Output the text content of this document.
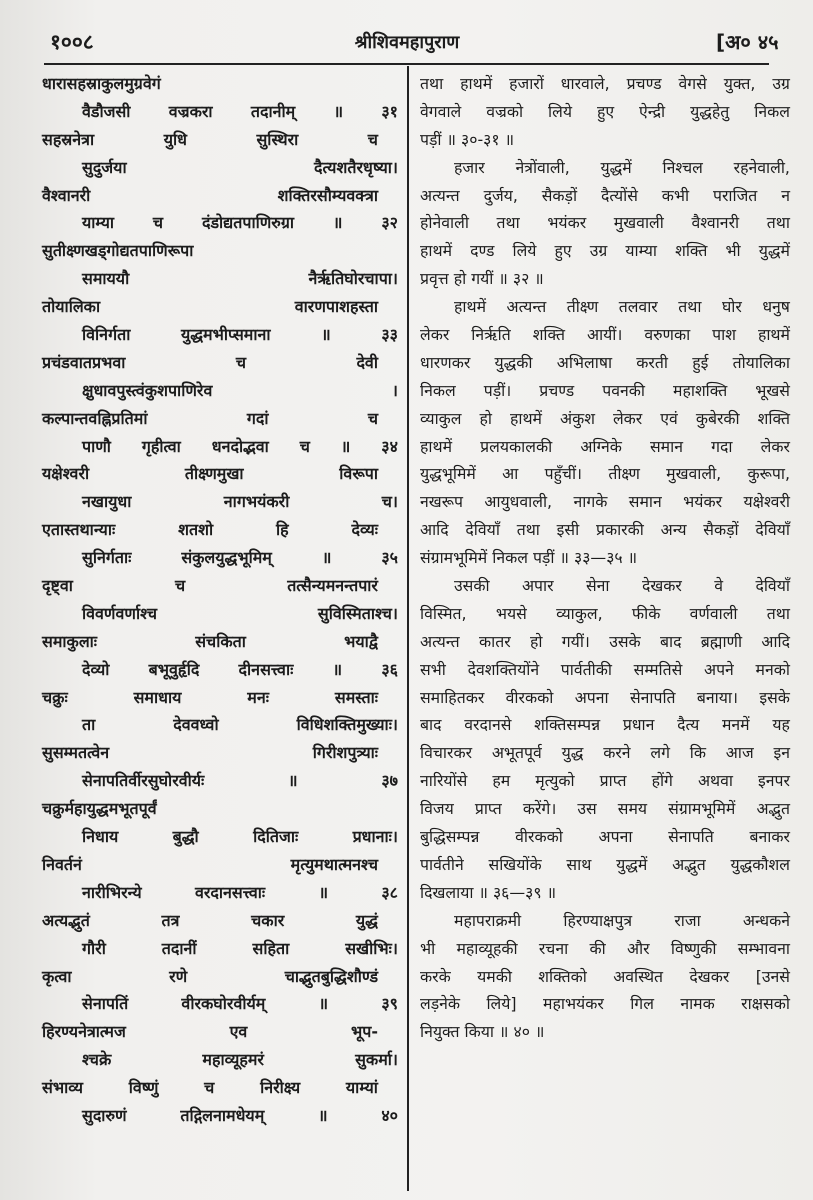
१००८	श्रीशिवमहापुराण	[अ० ४५
धारासहस्राकुलमुग्रवेगं
वैडौजसी वज्रकरा तदानीम् ॥ ३१
सहस्रनेत्रा	युधि	सुस्थिरा	च
सुदुर्जया	दैत्यशतैरधृष्या।
वैश्वानरी	शक्तिरसौम्यवक्त्रा
याम्या च दंडोद्यतपाणिरुग्रा ॥ ३२
सुतीक्ष्णखड्गोद्यतपाणिरूपा
समाययौ	नैर्ऋतिघोरचापा।
तोयालिका	वारणपाशहस्ता
विनिर्गता	युद्धमभीप्समाना	॥	३३
प्रचंडवातप्रभवा	च	देवी
क्षुधावपुस्त्वंकुशपाणिरेव	।
कल्पान्तवह्निप्रतिमां	गदां	च
पाणौ गृहीत्वा धनदोद्भवा च ॥ ३४
यक्षेश्वरी	तीक्ष्णमुखा	विरूपा
नखायुधा	नागभयंकरी	च।
एतास्तथान्याः	शतशो	हि	देव्यः
सुनिर्गताः	संकुलयुद्धभूमिम्	॥	३५
दृष्ट्वा	च	तत्सैन्यमनन्तपारं
विवर्णवर्णाश्च	सुविस्मिताश्च।
समाकुलाः	संचकिता	भयाद्वै
देव्यो बभूवुर्हृदि दीनसत्त्वाः ॥ ३६
चक्रुः	समाधाय	मनः	समस्ताः
ता	देववध्वो	विधिशक्तिमुख्याः।
सुसम्मतत्वेन	गिरीशपुत्र्याः
सेनापतिर्वीरसुघोरवीर्यः	॥	३७
चक्रुर्महायुद्धमभूतपूर्वं
निधाय	बुद्धौ	दितिजाः	प्रधानाः।
निवर्तनं	मृत्युमथात्मनश्च
नारीभिरन्ये	वरदानसत्त्वाः	॥	३८
अत्यद्भुतं	तत्र	चकार	युद्धं
गौरी	तदानीं	सहिता	सखीभिः।
कृत्वा	रणे	चाद्भुतबुद्धिशौण्डं
सेनापतिं	वीरकघोरवीर्यम्	॥	३९
हिरण्यनेत्रात्मज	एव	भूप-
श्चक्रे	महाव्यूहमरं	सुकर्मा।
संभाव्य	विष्णुं	च	निरीक्ष्य	याम्यां
सुदारुणं	तद्गिलनामधेयम्	॥	४०
तथा हाथमें हजारों धारवाले, प्रचण्ड वेगसे युक्त, उग्र
वेगवाले वज्रको लिये हुए ऐन्द्री युद्धहेतु निकल
पड़ीं ॥ ३०-३१ ॥
हजार नेत्रोंवाली, युद्धमें निश्चल रहनेवाली,
अत्यन्त दुर्जय, सैकड़ों दैत्योंसे कभी पराजित न
होनेवाली तथा भयंकर मुखवाली वैश्वानरी तथा
हाथमें दण्ड लिये हुए उग्र याम्या शक्ति भी युद्धमें
प्रवृत्त हो गयीं ॥ ३२ ॥
हाथमें अत्यन्त तीक्ष्ण तलवार तथा घोर धनुष
लेकर निर्ऋति शक्ति आयीं। वरुणका पाश हाथमें
धारणकर युद्धकी अभिलाषा करती हुई तोयालिका
निकल पड़ीं। प्रचण्ड पवनकी महाशक्ति भूखसे
व्याकुल हो हाथमें अंकुश लेकर एवं कुबेरकी शक्ति
हाथमें प्रलयकालकी अग्निके समान गदा लेकर
युद्धभूमिमें आ पहुँचीं। तीक्ष्ण मुखवाली, कुरूपा,
नखरूप आयुधवाली, नागके समान भयंकर यक्षेश्वरी
आदि देवियाँ तथा इसी प्रकारकी अन्य सैकड़ों देवियाँ
संग्रामभूमिमें निकल पड़ीं ॥ ३३—३५ ॥
उसकी अपार सेना देखकर वे देवियाँ
विस्मित, भयसे व्याकुल, फीके वर्णवाली तथा
अत्यन्त कातर हो गयीं। उसके बाद ब्रह्माणी आदि
सभी देवशक्तियोंने पार्वतीकी सम्मतिसे अपने मनको
समाहितकर वीरकको अपना सेनापति बनाया। इसके
बाद वरदानसे शक्तिसम्पन्न प्रधान दैत्य मनमें यह
विचारकर अभूतपूर्व युद्ध करने लगे कि आज इन
नारियोंसे हम मृत्युको प्राप्त होंगे अथवा इनपर
विजय प्राप्त करेंगे। उस समय संग्रामभूमिमें अद्भुत
बुद्धिसम्पन्न वीरकको अपना सेनापति बनाकर
पार्वतीने सखियोंके साथ युद्धमें अद्भुत युद्धकौशल
दिखलाया ॥ ३६—३९ ॥
महापराक्रमी	हिरण्याक्षपुत्र	राजा	अन्धकने
भी महाव्यूहकी रचना की और विष्णुकी सम्भावना
करके यमकी शक्तिको अवस्थित देखकर [उनसे
लड़नेके लिये] महाभयंकर गिल नामक राक्षसको
नियुक्त किया ॥ ४० ॥
